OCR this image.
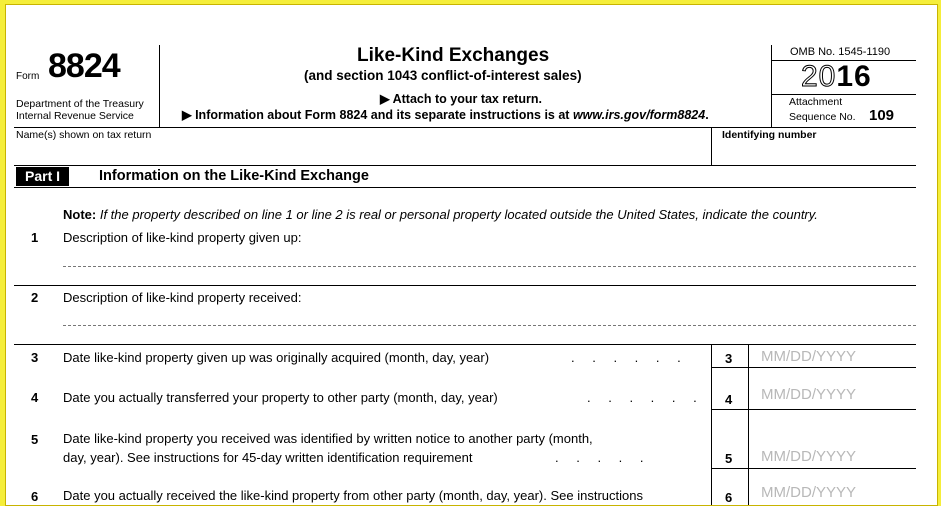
Form 8824
Department of the Treasury
Internal Revenue Service
Like-Kind Exchanges
(and section 1043 conflict-of-interest sales)
▶ Attach to your tax return.
▶ Information about Form 8824 and its separate instructions is at www.irs.gov/form8824.
OMB No. 1545-1190
2016
Attachment
Sequence No. 109
Name(s) shown on tax return	Identifying number
Part I	Information on the Like-Kind Exchange
Note: If the property described on line 1 or line 2 is real or personal property located outside the United States, indicate the country.
1 Description of like-kind property given up:
2 Description of like-kind property received:
3 Date like-kind property given up was originally acquired (month, day, year)	. . . . . .	3
MM/DD/YYYY
4 Date you actually transferred your property to other party (month, day, year)	. . . . . . 4
MM/DD/YYYY
5 Date like-kind property you received was identified by written notice to another party (month,
day, year). See instructions for 45-day written identification requirement	. . . . .	5
MM/DD/YYYY
6 Date you actually received the like-kind property from other party (month, day, year). See instructions	6
MM/DD/YYYY
